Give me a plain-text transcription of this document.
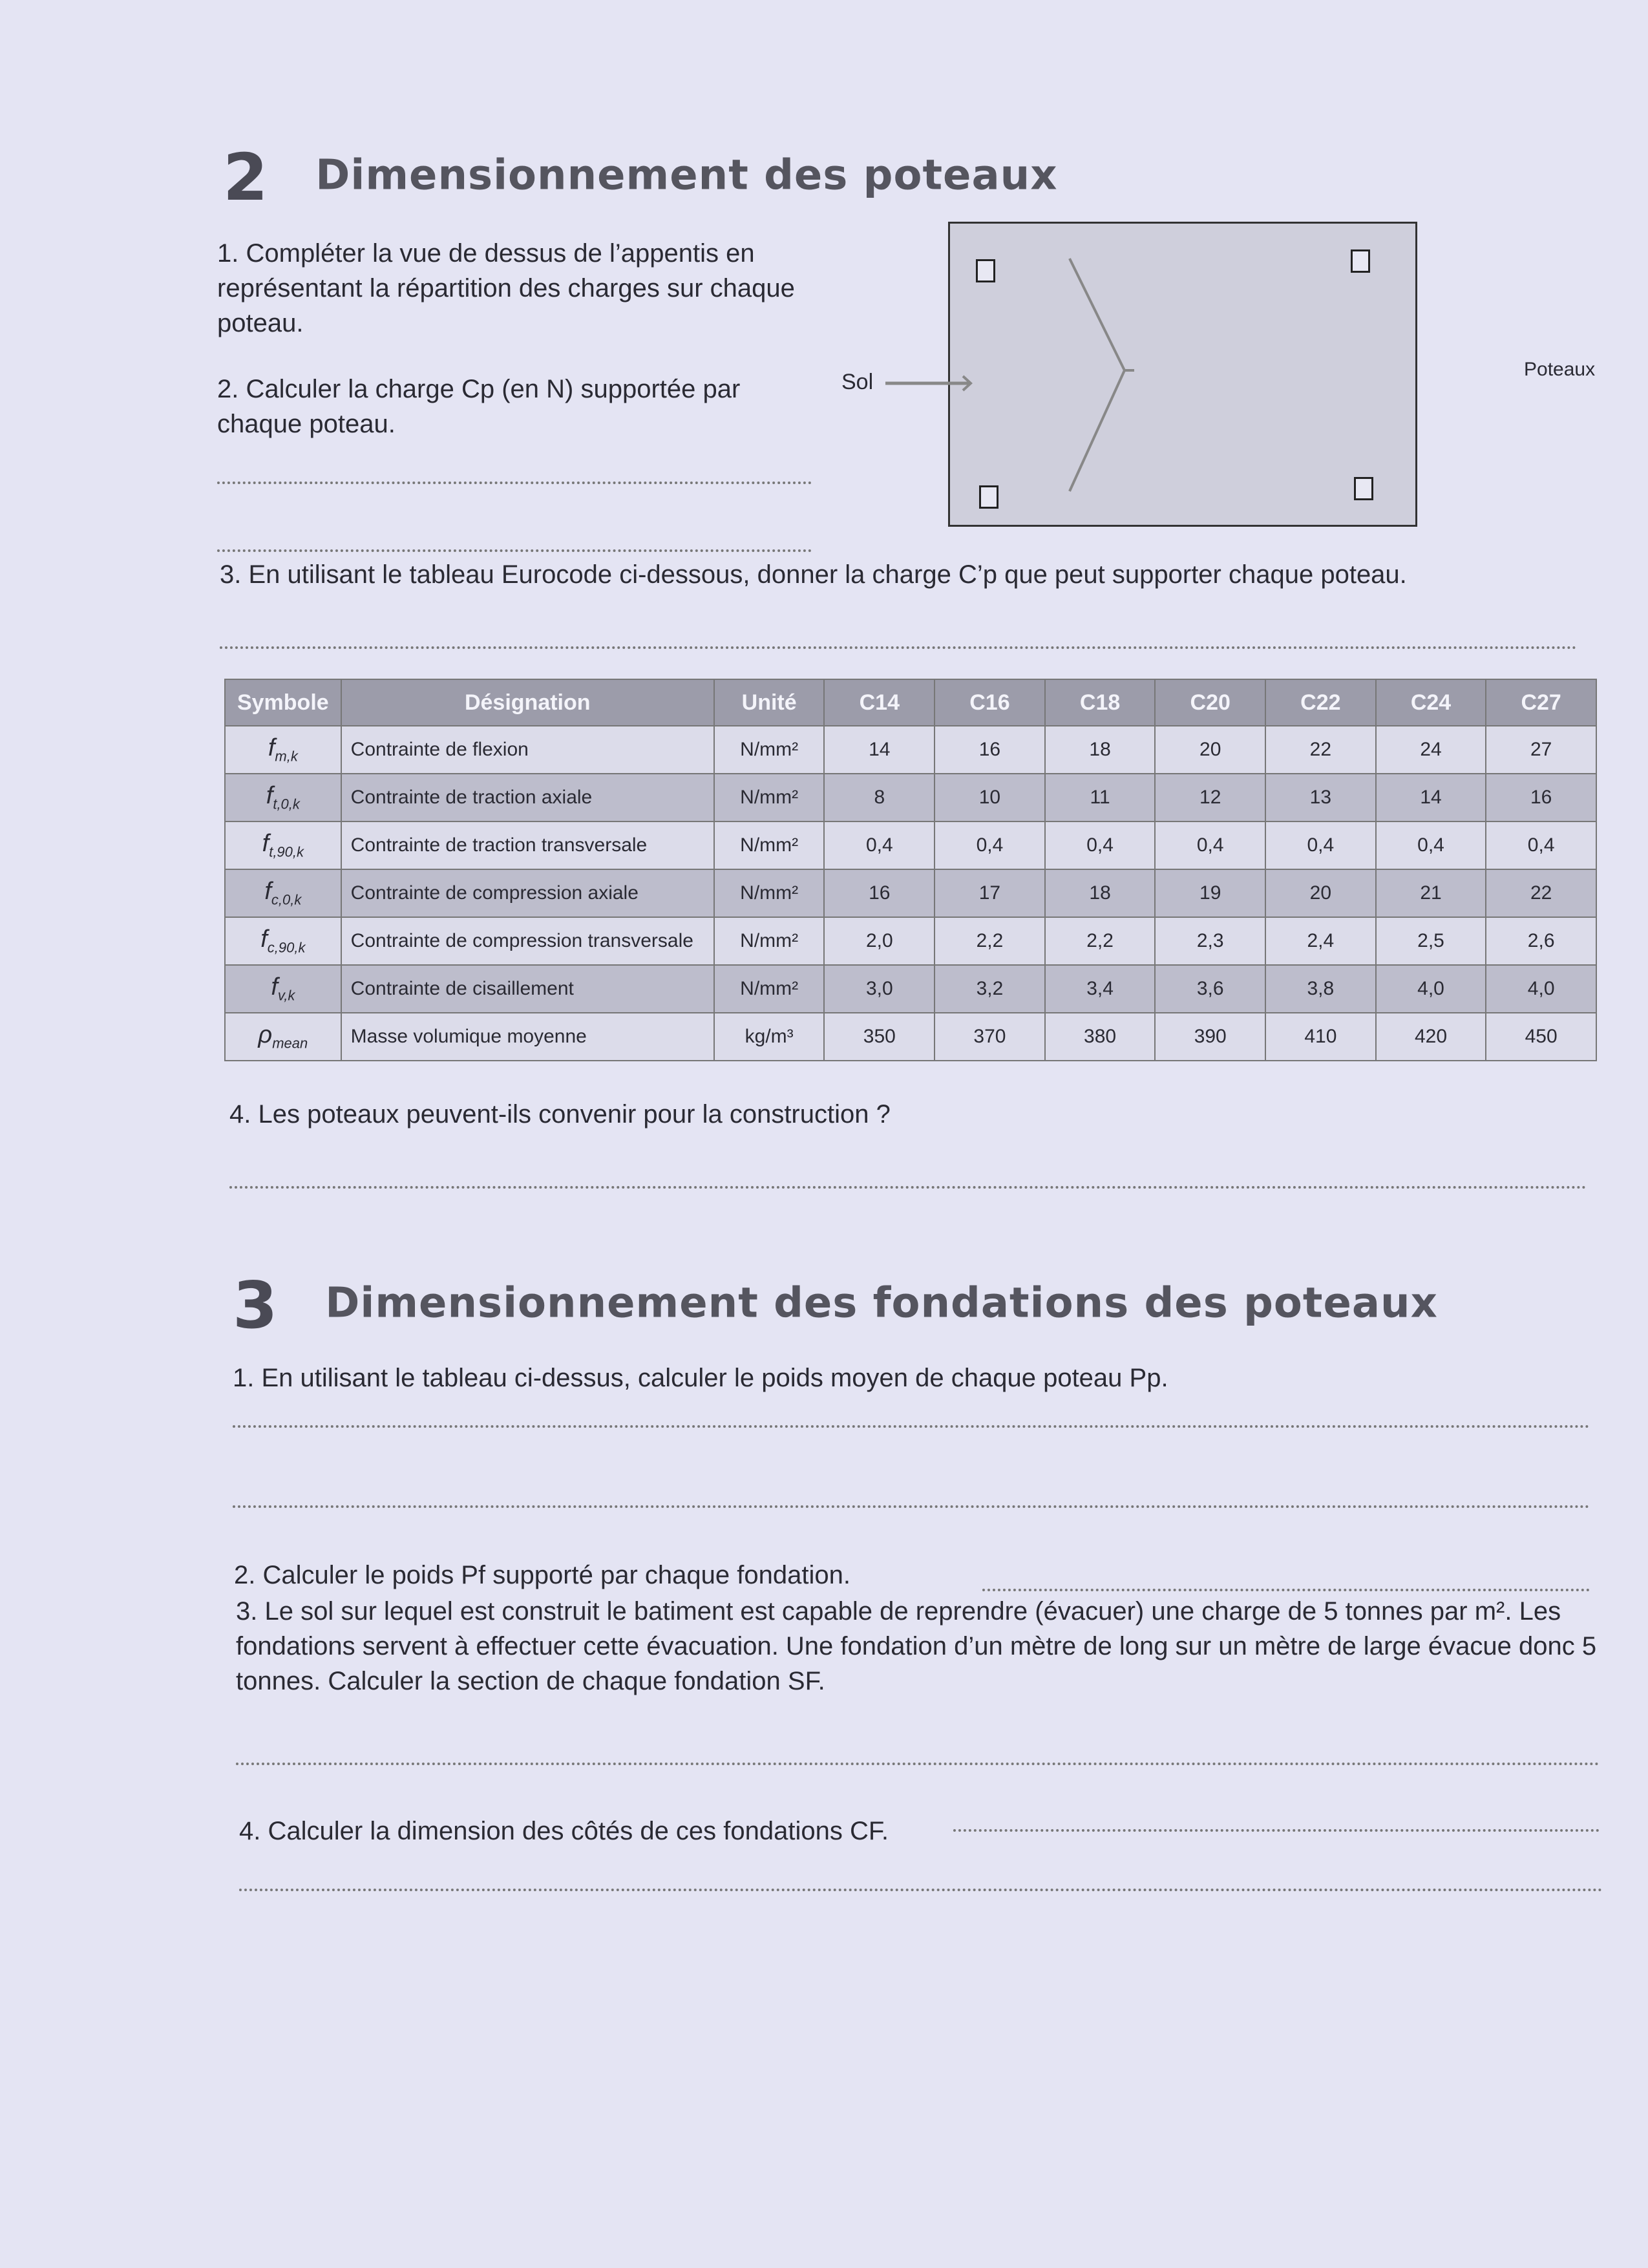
2 Dimensionnement des poteaux
1. Compléter la vue de dessus de l’appentis en représentant la répartition des charges sur chaque poteau.
2. Calculer la charge Cp (en N) supportée par chaque poteau.
Sol
Poteaux
3. En utilisant le tableau Eurocode ci-dessous, donner la charge C’p que peut supporter chaque poteau.
Symbole	Désignation	Unité	C14	C16	C18	C20	C22	C24	C27
$f_{m,k}$	Contrainte de flexion	N/mm²	14	16	18	20	22	24	27
$f_{t,0,k}$	Contrainte de traction axiale	N/mm²	8	10	11	12	13	14	16
$f_{t,90,k}$	Contrainte de traction transversale	N/mm²	0,4	0,4	0,4	0,4	0,4	0,4	0,4
$f_{c,0,k}$	Contrainte de compression axiale	N/mm²	16	17	18	19	20	21	22
$f_{c,90,k}$	Contrainte de compression transversale	N/mm²	2,0	2,2	2,2	2,3	2,4	2,5	2,6
$f_{v,k}$	Contrainte de cisaillement	N/mm²	3,0	3,2	3,4	3,6	3,8	4,0	4,0
$\rho_{mean}$	Masse volumique moyenne	kg/m³	350	370	380	390	410	420	450
4. Les poteaux peuvent-ils convenir pour la construction ?
3 Dimensionnement des fondations des poteaux
1. En utilisant le tableau ci-dessus, calculer le poids moyen de chaque poteau Pp.
2. Calculer le poids Pf supporté par chaque fondation.
3. Le sol sur lequel est construit le batiment est capable de reprendre (évacuer) une charge de 5 tonnes par m². Les fondations servent à effectuer cette évacuation. Une fondation d’un mètre de long sur un mètre de large évacue donc 5 tonnes. Calculer la section de chaque fondation SF.
4. Calculer la dimension des côtés de ces fondations CF.
